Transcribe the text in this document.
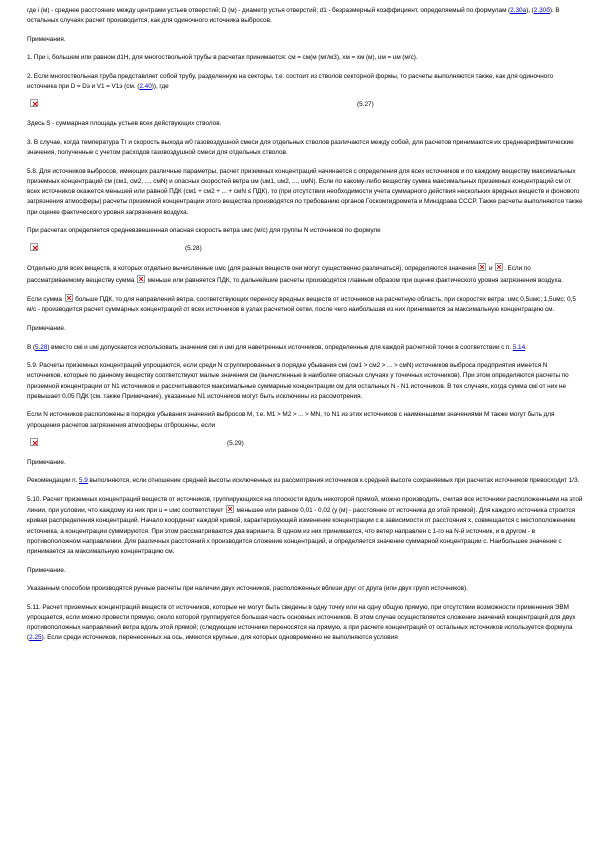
где i (м) - среднее расстояние между центрами устьев отверстий; D (м) - диаметр устья отверстий; d1 - безразмерный коэффициент, определяемый по формулам (2.30а), (2.30б). В остальных случаях расчет производится, как для одиночного источника выбросов.

Примечания.

1. При i, большем или равном d1H, для многоствольной трубы в расчетах принимается: cм = cм(м (мг/м3), xм = xм (м), uм = uм (м/с).

2. Если многоствольная труба представляет собой трубу, разделенную на секторы, т.е. состоит из стволов секторной формы, то расчеты выполняются также, как для одиночного источника при D = Dэ и V1 = V1э (см. (2.40)), где

(5.27)

Здесь S - суммарная площадь устьев всех действующих стволов.

3. В случае, когда температура Тг и скорость выхода w0 газовоздушной смеси для отдельных стволов различаются между собой, для расчетов принимаются их среднеарифметические значения, полученные с учетом расходов газовоздушной смеси для отдельных стволов.

5.8. Для источников выбросов, имеющих различные параметры, расчет приземных концентраций начинается с определения для всех источников и по каждому веществу максимальных приземных концентраций cм (cм1, cм2, ..., cмN) и опасных скоростей ветра uм (uм1, uм2, ..., uмN). Если по какому-либо веществу сумма максимальных приземных концентраций cм от всех источников окажется меньшей или равной ПДК (cм1 + cм2 + ... + cмN ≤ ПДК), то (при отсутствии необходимости учета суммарного действия нескольких вредных веществ и фонового загрязнения атмосферы) расчеты приземной концентрации этого вещества производятся по требованию органов Госкомгидромета и Минздрава СССР. Также расчеты выполняются также при оценке фактического уровня загрязнения воздуха.

При расчетах определяется средневзвешенная опасная скорость ветра uмс (м/с) для группы N источников по формуле

(5.28)

Отдельно для всех веществ, в которых отдельно вычисленные uмс (для разных веществ они могут существенно различаться), определяются значения и . Если по рассматриваемому веществу сумма меньше или равняется ПДК, то дальнейшие расчеты производятся главным образом при оценке фактического уровня загрязнения воздуха.

Если сумма больше ПДК, то для направлений ветра, соответствующих переносу вредных веществ от источников на расчетную область, при скоростях ветра: uмс 0,5uмс; 1,5uмс; 0,5 м/с - производится расчет суммарных концентраций от всех источников в узлах расчетной сетки, после чего наибольшая из них принимается за максимальную концентрацию cм.

Примечание.

В (5.28) вместо cмi и uмi допускается использовать значения cмi и uмi для наветренных источников, определенные для каждой расчетной точки в соответствии с п. 5.14.

5.9. Расчеты приземных концентраций упрощаются, если среди N сгруппированных в порядке убывания cмi (cм1 > cм2 > ... > cмN) источников выброса предприятия имеется N источников, которые по данному веществу соответствуют малые значения cм (вычисленные в наиболее опасных случаях у точечных источников). При этом определяются расчеты по приземной концентрации от N1 источников и рассчитываются максимальные суммарные концентрации cм для остальных N - N1 источников. В тех случаях, когда сумма cмi от них не превышает 0,05 ПДК (см. также Примечание), указанные N1 источников могут быть исключены из рассмотрения.

Если N источников расположены в порядке убывания значений выбросов M, т.е. M1 > M2 > ... > MN, то N1 из этих источников с наименьшими значениями M также могут быть для упрощения расчетов загрязнения атмосферы отброшены, если

(5.29)

Примечание.

Рекомендации п. 5.9 выполняются, если отношение средней высоты исключенных из рассмотрения источников к средней высоте сохраняемых при расчетах источников превосходит 1/3.

5.10. Расчет приземных концентраций веществ от источников, группирующихся на плоскости вдоль некоторой прямой, можно производить, считая все источники расположенными на этой линии, при условии, что каждому из них при u = uмс соответствует меньшее или равное 0,01 - 0,02 (у (м) - расстояние от источника до этой прямой). Для каждого источника строится кривая распределения концентраций. Начало координат каждой кривой, характеризующей изменение концентрации c в зависимости от расстояния x, совмещается с местоположением источника, а концентрации суммируются. При этом рассматриваются два варианта. В одном из них принимается, что ветер направлен с 1-го на N-й источник, и в другом - в противоположном направлении. Для различных расстояний x производится сложение концентраций, и определяется значение суммарной концентрации c. Наибольшее значение c принимается за максимальную концентрацию cм.

Примечание.

Указанным способом производятся ручные расчеты при наличии двух источников, расположенных вблизи друг от друга (или двух групп источников).

5.11. Расчет приземных концентраций веществ от источников, которые не могут быть сведены в одну точку или на одну общую прямую, при отсутствии возможности применения ЭВМ упрощается, если можно провести прямую, около которой группируется большая часть основных источников. В этом случае осуществляется сложение значений концентраций для двух противоположных направлений ветра вдоль этой прямой; (следующие источники переносятся на прямую, а при расчете концентраций от остальных источников используется формула (2.25). Если среди источников, перенесенных на ось, имеются крупные, для которых одновременно не выполняются условия
